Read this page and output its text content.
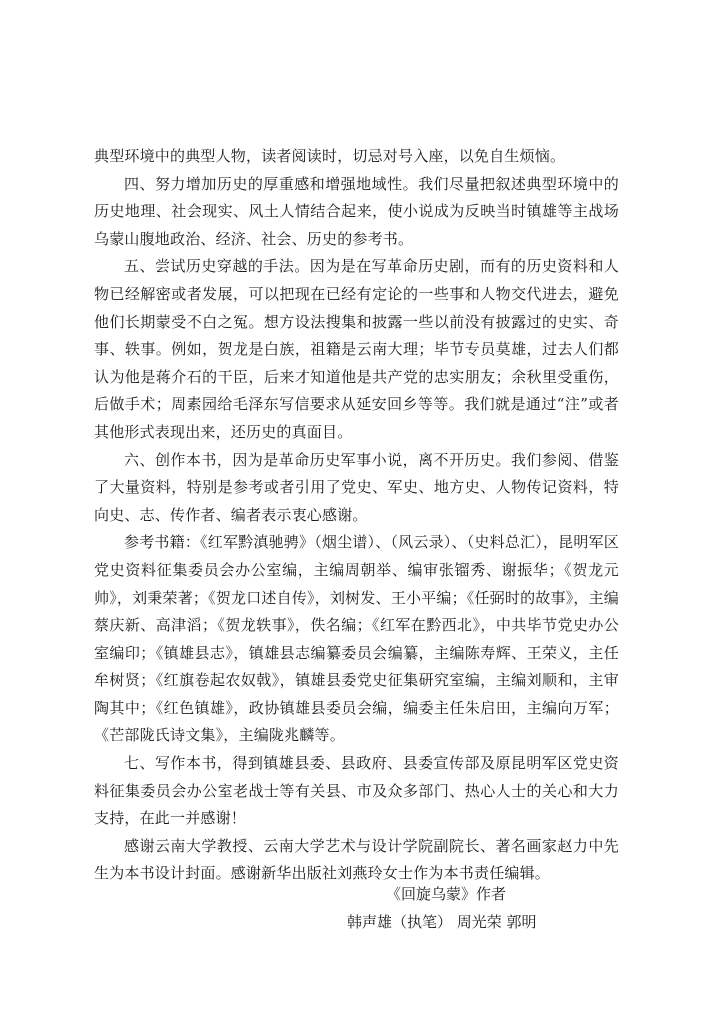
典型环境中的典型人物，读者阅读时，切忌对号入座，以免自生烦恼。

四、努力增加历史的厚重感和增强地域性。我们尽量把叙述典型环境中的历史地理、社会现实、风土人情结合起来，使小说成为反映当时镇雄等主战场乌蒙山腹地政治、经济、社会、历史的参考书。

五、尝试历史穿越的手法。因为是在写革命历史剧，而有的历史资料和人物已经解密或者发展，可以把现在已经有定论的一些事和人物交代进去，避免他们长期蒙受不白之冤。想方设法搜集和披露一些以前没有披露过的史实、奇事、轶事。例如，贺龙是白族，祖籍是云南大理；毕节专员莫雄，过去人们都认为他是蒋介石的干臣，后来才知道他是共产党的忠实朋友；余秋里受重伤，后做手术；周素园给毛泽东写信要求从延安回乡等等。我们就是通过“注”或者其他形式表现出来，还历史的真面目。

六、创作本书，因为是革命历史军事小说，离不开历史。我们参阅、借鉴了大量资料，特别是参考或者引用了党史、军史、地方史、人物传记资料，特向史、志、传作者、编者表示衷心感谢。

参考书籍：《红军黔滇驰骋》（烟尘谱）、（风云录）、（史料总汇），昆明军区党史资料征集委员会办公室编，主编周朝举、编审张镏秀、谢振华；《贺龙元帅》，刘秉荣著；《贺龙口述自传》，刘树发、王小平编；《任弼时的故事》，主编蔡庆新、高津滔；《贺龙轶事》，佚名编；《红军在黔西北》，中共毕节党史办公室编印；《镇雄县志》，镇雄县志编纂委员会编纂，主编陈寿辉、王荣义，主任牟树贤；《红旗卷起农奴戟》，镇雄县委党史征集研究室编，主编刘顺和，主审陶其中；《红色镇雄》，政协镇雄县委员会编，编委主任朱启田，主编向万军；《芒部陇氏诗文集》，主编陇兆麟等。

七、写作本书，得到镇雄县委、县政府、县委宣传部及原昆明军区党史资料征集委员会办公室老战士等有关县、市及众多部门、热心人士的关心和大力支持，在此一并感谢！

感谢云南大学教授、云南大学艺术与设计学院副院长、著名画家赵力中先生为本书设计封面。感谢新华出版社刘燕玲女士作为本书责任编辑。

《回旋乌蒙》作者
韩声雄（执笔） 周光荣 郭明
